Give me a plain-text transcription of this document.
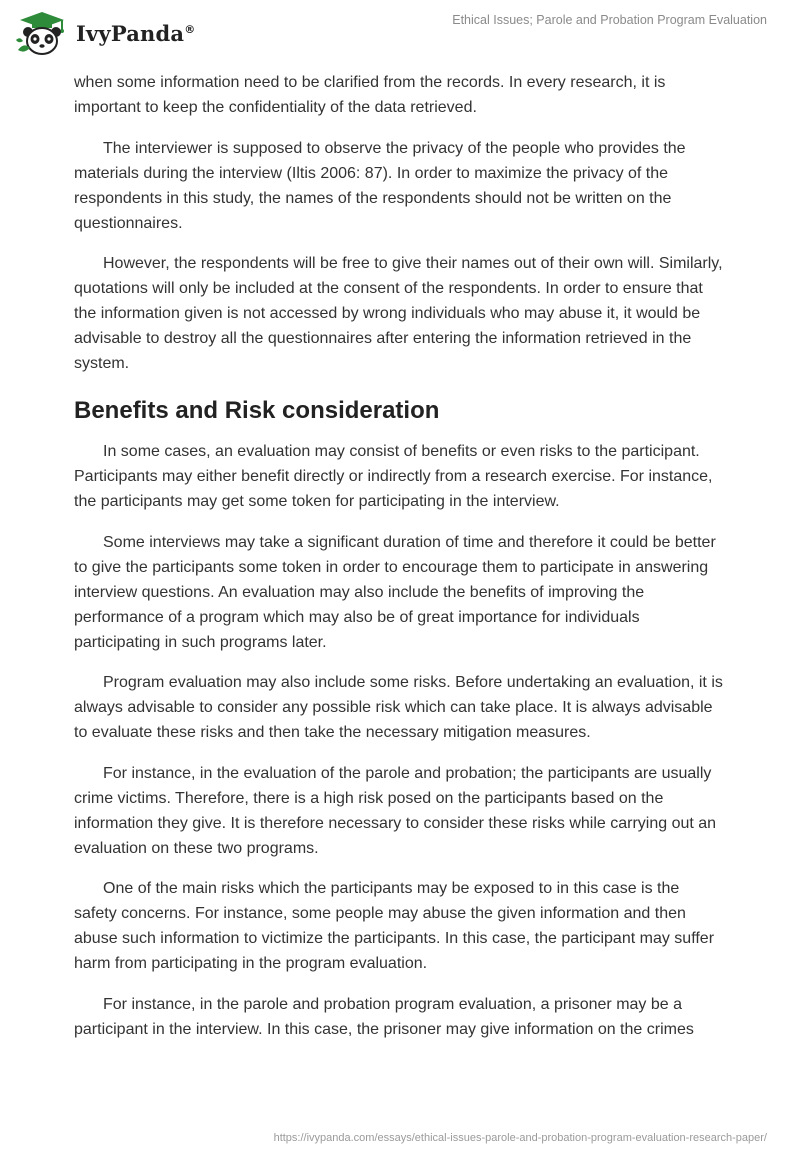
IvyPanda®
Ethical Issues; Parole and Probation Program Evaluation

when some information need to be clarified from the records. In every research, it is important to keep the confidentiality of the data retrieved.

The interviewer is supposed to observe the privacy of the people who provides the materials during the interview (Iltis 2006: 87). In order to maximize the privacy of the respondents in this study, the names of the respondents should not be written on the questionnaires.

However, the respondents will be free to give their names out of their own will. Similarly, quotations will only be included at the consent of the respondents. In order to ensure that the information given is not accessed by wrong individuals who may abuse it, it would be advisable to destroy all the questionnaires after entering the information retrieved in the system.

Benefits and Risk consideration

In some cases, an evaluation may consist of benefits or even risks to the participant. Participants may either benefit directly or indirectly from a research exercise. For instance, the participants may get some token for participating in the interview.

Some interviews may take a significant duration of time and therefore it could be better to give the participants some token in order to encourage them to participate in answering interview questions. An evaluation may also include the benefits of improving the performance of a program which may also be of great importance for individuals participating in such programs later.

Program evaluation may also include some risks. Before undertaking an evaluation, it is always advisable to consider any possible risk which can take place. It is always advisable to evaluate these risks and then take the necessary mitigation measures.

For instance, in the evaluation of the parole and probation; the participants are usually crime victims. Therefore, there is a high risk posed on the participants based on the information they give. It is therefore necessary to consider these risks while carrying out an evaluation on these two programs.

One of the main risks which the participants may be exposed to in this case is the safety concerns. For instance, some people may abuse the given information and then abuse such information to victimize the participants. In this case, the participant may suffer harm from participating in the program evaluation.

For instance, in the parole and probation program evaluation, a prisoner may be a participant in the interview. In this case, the prisoner may give information on the crimes

https://ivypanda.com/essays/ethical-issues-parole-and-probation-program-evaluation-research-paper/
